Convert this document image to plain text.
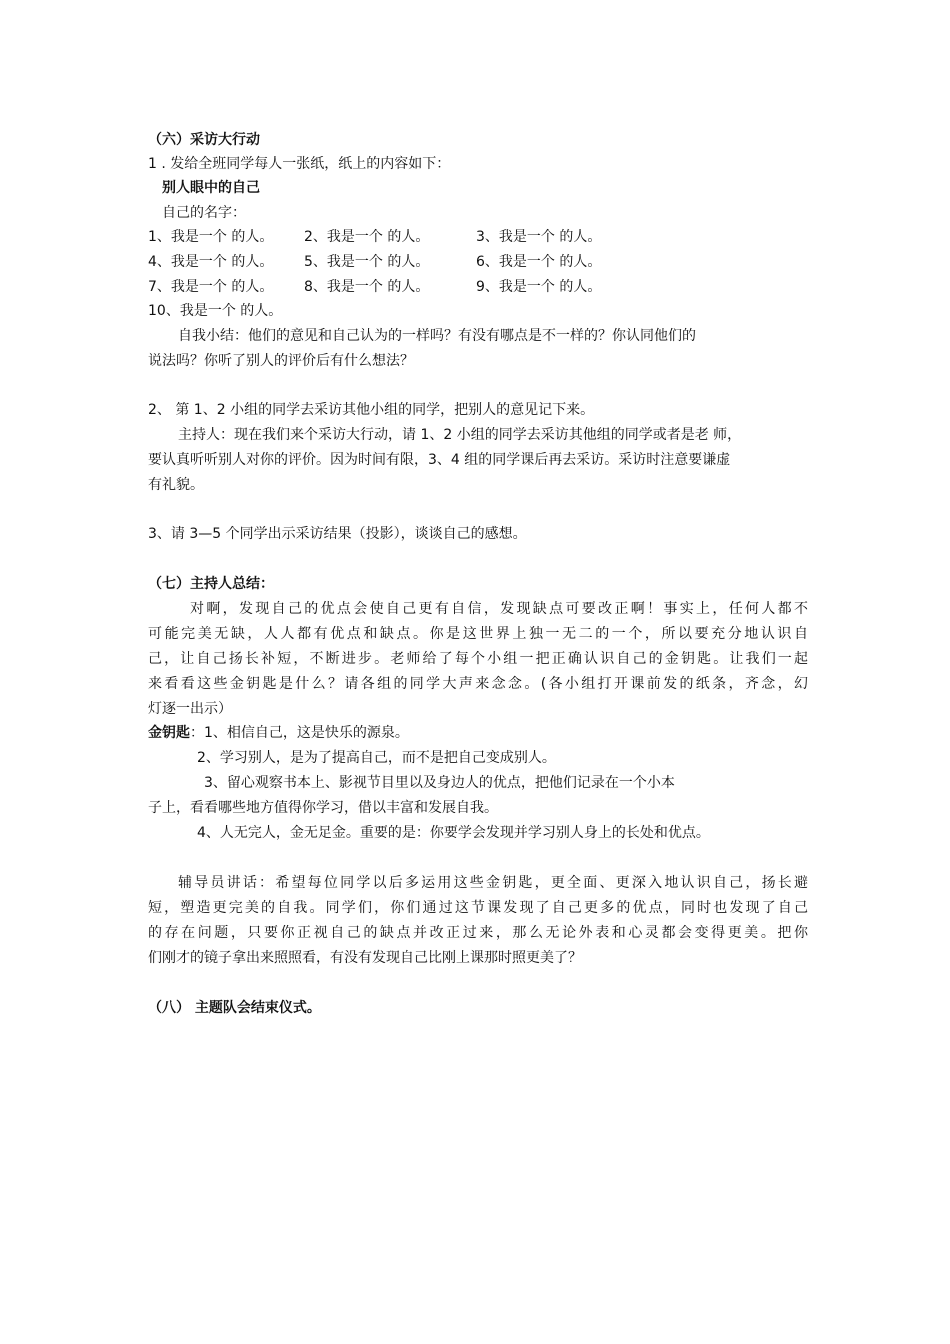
（六）采访大行动
1 . 发给全班同学每人一张纸，纸上的内容如下：
别人眼中的自己
自己的名字：
1、我是一个 的人。 2、我是一个 的人。	3、我是一个 的人。
4、我是一个 的人。 5、我是一个 的人。	6、我是一个 的人。
7、我是一个 的人。 8、我是一个 的人。	9、我是一个 的人。
10、我是一个 的人。
自我小结：他们的意见和自己认为的一样吗？有没有哪点是不一样的？你认同他们的
说法吗？你听了别人的评价后有什么想法？
2、 第 1、2 小组的同学去采访其他小组的同学，把别人的意见记下来。
主持人：现在我们来个采访大行动，请 1、2 小组的同学去采访其他组的同学或者是老 师，
要认真听听别人对你的评价。因为时间有限，3、4 组的同学课后再去采访。采访时注意要谦虚
有礼貌。
3、请 3—5 个同学出示采访结果（投影），谈谈自己的感想。
（七）主持人总结：
对啊，发现自己的优点会使自己更有自信，发现缺点可要改正啊！事实上，任何人都不
可能完美无缺，人人都有优点和缺点。你是这世界上独一无二的一个，所以要充分地认识自
己，让自己扬长补短，不断进步。老师给了每个小组一把正确认识自己的金钥匙。让我们一起
来看看这些金钥匙是什么？请各组的同学大声来念念。(各小组打开课前发的纸条，齐念，幻
灯逐一出示）
金钥匙：1、相信自己，这是快乐的源泉。
2、学习别人，是为了提高自己，而不是把自己变成别人。
3、留心观察书本上、影视节目里以及身边人的优点，把他们记录在一个小本
子上，看看哪些地方值得你学习，借以丰富和发展自我。
4、人无完人，金无足金。重要的是：你要学会发现并学习别人身上的长处和优点。
辅导员讲话：希望每位同学以后多运用这些金钥匙，更全面、更深入地认识自己，扬长避
短，塑造更完美的自我。同学们，你们通过这节课发现了自己更多的优点，同时也发现了自己
的存在问题，只要你正视自己的缺点并改正过来，那么无论外表和心灵都会变得更美。把你
们刚才的镜子拿出来照照看，有没有发现自己比刚上课那时照更美了？
（八） 主题队会结束仪式。
